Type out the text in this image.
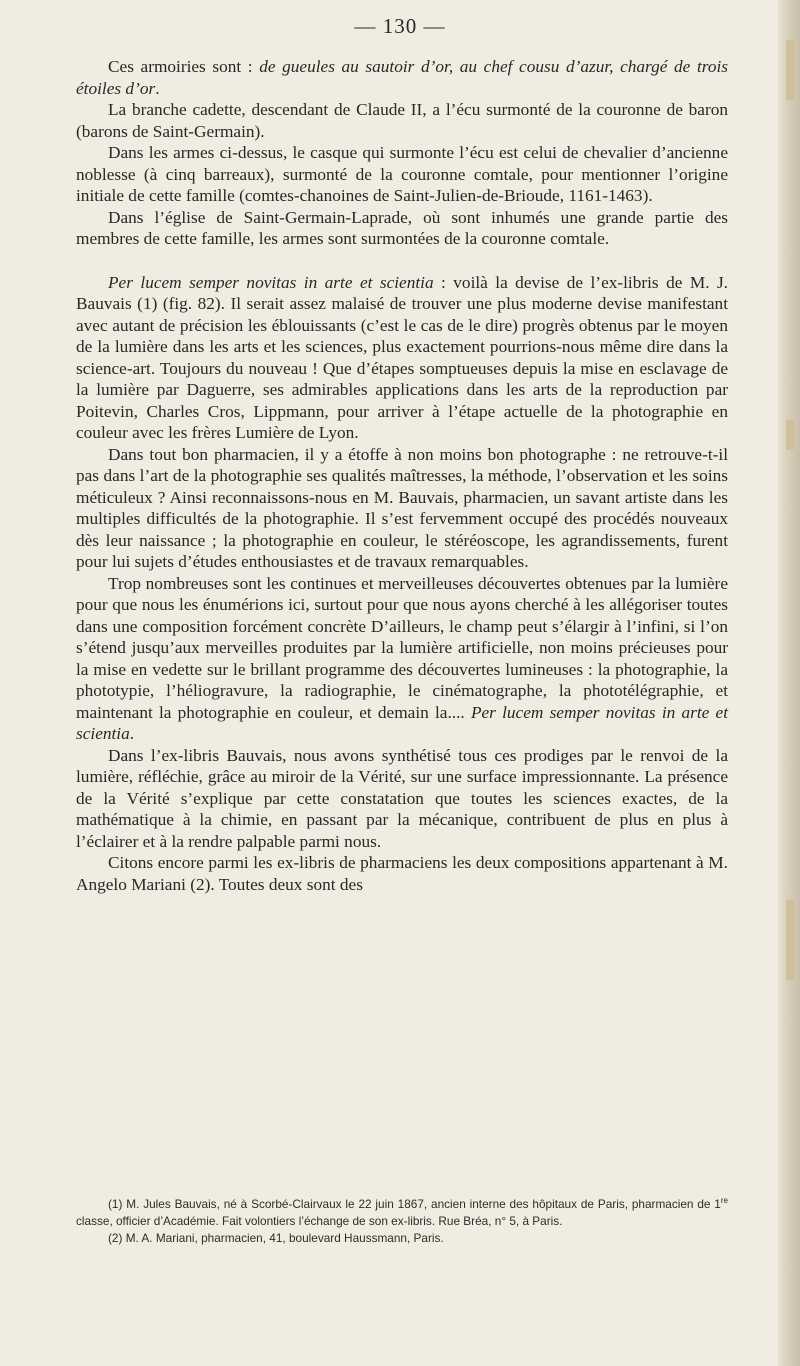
— 130 —

Ces armoiries sont : de gueules au sautoir d’or, au chef cousu d’azur, chargé de trois étoiles d’or.

La branche cadette, descendant de Claude II, a l’écu surmonté de la couronne de baron (barons de Saint-Germain).

Dans les armes ci-dessus, le casque qui surmonte l’écu est celui de chevalier d’ancienne noblesse (à cinq barreaux), surmonté de la couronne comtale, pour mentionner l’origine initiale de cette famille (comtes-chanoines de Saint-Julien-de-Brioude, 1161-1463).

Dans l’église de Saint-Germain-Laprade, où sont inhumés une grande partie des membres de cette famille, les armes sont surmontées de la couronne comtale.

Per lucem semper novitas in arte et scientia : voilà la devise de l’ex-libris de M. J. Bauvais (1) (fig. 82). Il serait assez malaisé de trouver une plus moderne devise manifestant avec autant de précision les éblouissants (c’est le cas de le dire) progrès obtenus par le moyen de la lumière dans les arts et les sciences, plus exactement pourrions-nous même dire dans la science-art. Toujours du nouveau ! Que d’étapes somptueuses depuis la mise en esclavage de la lumière par Daguerre, ses admirables applications dans les arts de la reproduction par Poitevin, Charles Cros, Lippmann, pour arriver à l’étape actuelle de la photographie en couleur avec les frères Lumière de Lyon.

Dans tout bon pharmacien, il y a étoffe à non moins bon photographe : ne retrouve-t-il pas dans l’art de la photographie ses qualités maîtresses, la méthode, l’observation et les soins méticuleux ? Ainsi reconnaissons-nous en M. Bauvais, pharmacien, un savant artiste dans les multiples difficultés de la photographie. Il s’est fervemment occupé des procédés nouveaux dès leur naissance ; la photographie en couleur, le stéréoscope, les agrandissements, furent pour lui sujets d’études enthousiastes et de travaux remarquables.

Trop nombreuses sont les continues et merveilleuses découvertes obtenues par la lumière pour que nous les énumérions ici, surtout pour que nous ayons cherché à les allégoriser toutes dans une composition forcément concrète D’ailleurs, le champ peut s’élargir à l’infini, si l’on s’étend jusqu’aux merveilles produites par la lumière artificielle, non moins précieuses pour la mise en vedette sur le brillant programme des découvertes lumineuses : la photographie, la phototypie, l’héliogravure, la radiographie, le cinématographe, la phototélégraphie, et maintenant la photographie en couleur, et demain la.... Per lucem semper novitas in arte et scientia.

Dans l’ex-libris Bauvais, nous avons synthétisé tous ces prodiges par le renvoi de la lumière, réfléchie, grâce au miroir de la Vérité, sur une surface impressionnante. La présence de la Vérité s’explique par cette constatation que toutes les sciences exactes, de la mathématique à la chimie, en passant par la mécanique, contribuent de plus en plus à l’éclairer et à la rendre palpable parmi nous.

Citons encore parmi les ex-libris de pharmaciens les deux compositions appartenant à M. Angelo Mariani (2). Toutes deux sont des

(1) M. Jules Bauvais, né à Scorbé-Clairvaux le 22 juin 1867, ancien interne des hôpitaux de Paris, pharmacien de 1re classe, officier d’Académie. Fait volontiers l’échange de son ex-libris. Rue Bréa, n° 5, à Paris.

(2) M. A. Mariani, pharmacien, 41, boulevard Haussmann, Paris.
